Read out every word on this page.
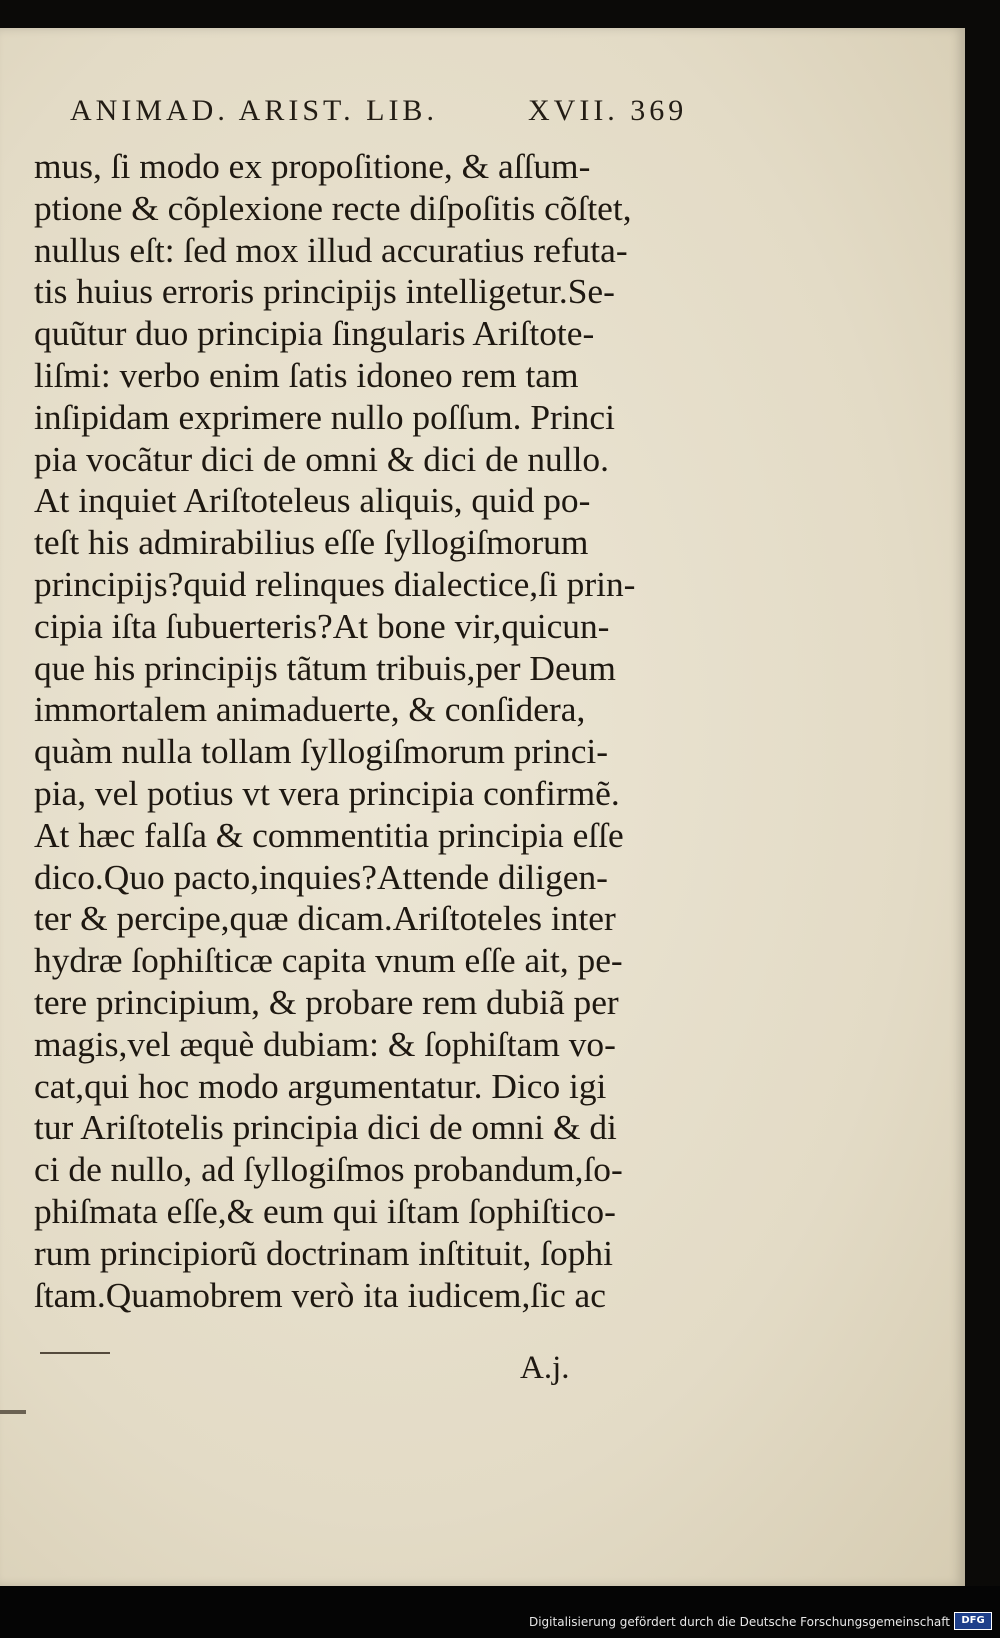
ANIMAD. ARIST. LIB.	XVII. 369
mus, ſi modo ex propoſitione, & aſſum-
ptione & cõplexione recte diſpoſitis cõſtet,
nullus eſt: ſed mox illud accuratius refuta-
tis huius erroris principijs intelligetur.Se-
quũtur duo principia ſingularis Ariſtote-
liſmi: verbo enim ſatis idoneo rem tam
inſipidam exprimere nullo poſſum. Princi
pia vocãtur dici de omni & dici de nullo.
At inquiet Ariſtoteleus aliquis, quid po-
teſt his admirabilius eſſe ſyllogiſmorum
principijs?quid relinques dialectice,ſi prin-
cipia iſta ſubuerteris?At bone vir,quicun-
que his principijs tãtum tribuis,per Deum
immortalem animaduerte, & conſidera,
quàm nulla tollam ſyllogiſmorum princi-
pia, vel potius vt vera principia confirmẽ.
At hæc falſa & commentitia principia eſſe
dico.Quo pacto,inquies?Attende diligen-
ter & percipe,quæ dicam.Ariſtoteles inter
hydræ ſophiſticæ capita vnum eſſe ait, pe-
tere principium, & probare rem dubiã per
magis,vel æquè dubiam: & ſophiſtam vo-
cat,qui hoc modo argumentatur. Dico igi
tur Ariſtotelis principia dici de omni & di
ci de nullo, ad ſyllogiſmos probandum,ſo-
phiſmata eſſe,& eum qui iſtam ſophiſtico-
rum principiorũ doctrinam inſtituit, ſophi
ſtam.Quamobrem verò ita iudicem,ſic ac
A.j.
Digitalisierung gefördert durch die Deutsche Forschungsgemeinschaft	DFG
